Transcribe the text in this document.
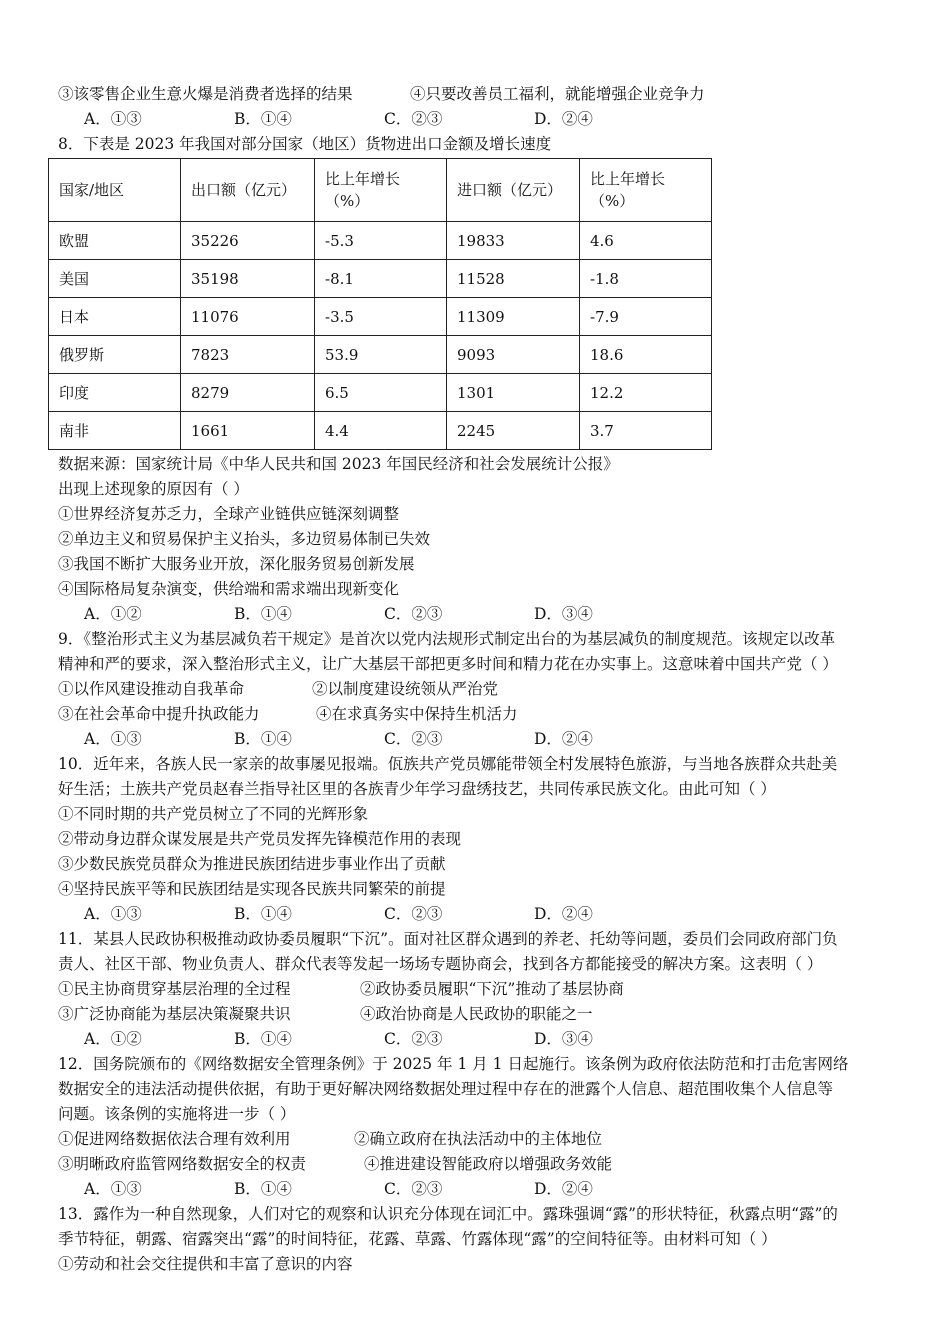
③该零售企业生意火爆是消费者选择的结果	④只要改善员工福利，就能增强企业竞争力
A．①③	B．①④	C．②③	D．②④
8．下表是 2023 年我国对部分国家（地区）货物进出口金额及增长速度
国家/地区	出口额（亿元）	比上年增长（%）	进口额（亿元）	比上年增长（%）
欧盟	35226	-5.3	19833	4.6
美国	35198	-8.1	11528	-1.8
日本	11076	-3.5	11309	-7.9
俄罗斯	7823	53.9	9093	18.6
印度	8279	6.5	1301	12.2
南非	1661	4.4	2245	3.7
数据来源：国家统计局《中华人民共和国 2023 年国民经济和社会发展统计公报》
出现上述现象的原因有（ ）
①世界经济复苏乏力，全球产业链供应链深刻调整
②单边主义和贸易保护主义抬头，多边贸易体制已失效
③我国不断扩大服务业开放，深化服务贸易创新发展
④国际格局复杂演变，供给端和需求端出现新变化
A．①②	B．①④	C．②③	D．③④
9．《整治形式主义为基层减负若干规定》是首次以党内法规形式制定出台的为基层减负的制度规范。该规定以改革
精神和严的要求，深入整治形式主义，让广大基层干部把更多时间和精力花在办实事上。这意味着中国共产党（ ）
①以作风建设推动自我革命	②以制度建设统领从严治党
③在社会革命中提升执政能力	④在求真务实中保持生机活力
A．①③	B．①④	C．②③	D．②④
10．近年来，各族人民一家亲的故事屡见报端。佤族共产党员娜能带领全村发展特色旅游，与当地各族群众共赴美
好生活；土族共产党员赵春兰指导社区里的各族青少年学习盘绣技艺，共同传承民族文化。由此可知（ ）
①不同时期的共产党员树立了不同的光辉形象
②带动身边群众谋发展是共产党员发挥先锋模范作用的表现
③少数民族党员群众为推进民族团结进步事业作出了贡献
④坚持民族平等和民族团结是实现各民族共同繁荣的前提
A．①③	B．①④	C．②③	D．②④
11．某县人民政协积极推动政协委员履职“下沉”。面对社区群众遇到的养老、托幼等问题，委员们会同政府部门负
责人、社区干部、物业负责人、群众代表等发起一场场专题协商会，找到各方都能接受的解决方案。这表明（ ）
①民主协商贯穿基层治理的全过程	②政协委员履职“下沉”推动了基层协商
③广泛协商能为基层决策凝聚共识	④政治协商是人民政协的职能之一
A．①②	B．①④	C．②③	D．③④
12．国务院颁布的《网络数据安全管理条例》于 2025 年 1 月 1 日起施行。该条例为政府依法防范和打击危害网络
数据安全的违法活动提供依据，有助于更好解决网络数据处理过程中存在的泄露个人信息、超范围收集个人信息等
问题。该条例的实施将进一步（ ）
①促进网络数据依法合理有效利用	②确立政府在执法活动中的主体地位
③明晰政府监管网络数据安全的权责	④推进建设智能政府以增强政务效能
A．①③	B．①④	C．②③	D．②④
13．露作为一种自然现象，人们对它的观察和认识充分体现在词汇中。露珠强调“露”的形状特征，秋露点明“露”的
季节特征，朝露、宿露突出“露”的时间特征，花露、草露、竹露体现“露”的空间特征等。由材料可知（ ）
①劳动和社会交往提供和丰富了意识的内容
